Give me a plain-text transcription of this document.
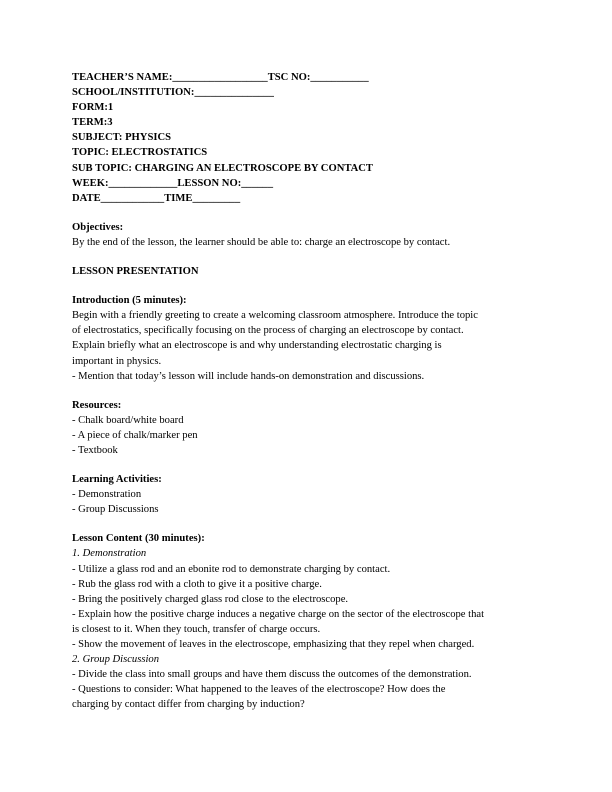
TEACHER’S NAME:__________________TSC NO:___________
SCHOOL/INSTITUTION:_______________
FORM:1
TERM:3
SUBJECT: PHYSICS
TOPIC: ELECTROSTATICS
SUB TOPIC: CHARGING AN ELECTROSCOPE BY CONTACT
WEEK:_____________LESSON NO:______
DATE____________TIME_________
Objectives:
By the end of the lesson, the learner should be able to: charge an electroscope by contact.
LESSON PRESENTATION
Introduction (5 minutes):
Begin with a friendly greeting to create a welcoming classroom atmosphere. Introduce the topic
of electrostatics, specifically focusing on the process of charging an electroscope by contact.
Explain briefly what an electroscope is and why understanding electrostatic charging is
important in physics.
- Mention that today’s lesson will include hands-on demonstration and discussions.
Resources:
- Chalk board/white board
- A piece of chalk/marker pen
- Textbook
Learning Activities:
- Demonstration
- Group Discussions
Lesson Content (30 minutes):
1. Demonstration
- Utilize a glass rod and an ebonite rod to demonstrate charging by contact.
- Rub the glass rod with a cloth to give it a positive charge.
- Bring the positively charged glass rod close to the electroscope.
- Explain how the positive charge induces a negative charge on the sector of the electroscope that
is closest to it. When they touch, transfer of charge occurs.
- Show the movement of leaves in the electroscope, emphasizing that they repel when charged.
2. Group Discussion
- Divide the class into small groups and have them discuss the outcomes of the demonstration.
- Questions to consider: What happened to the leaves of the electroscope? How does the
charging by contact differ from charging by induction?
